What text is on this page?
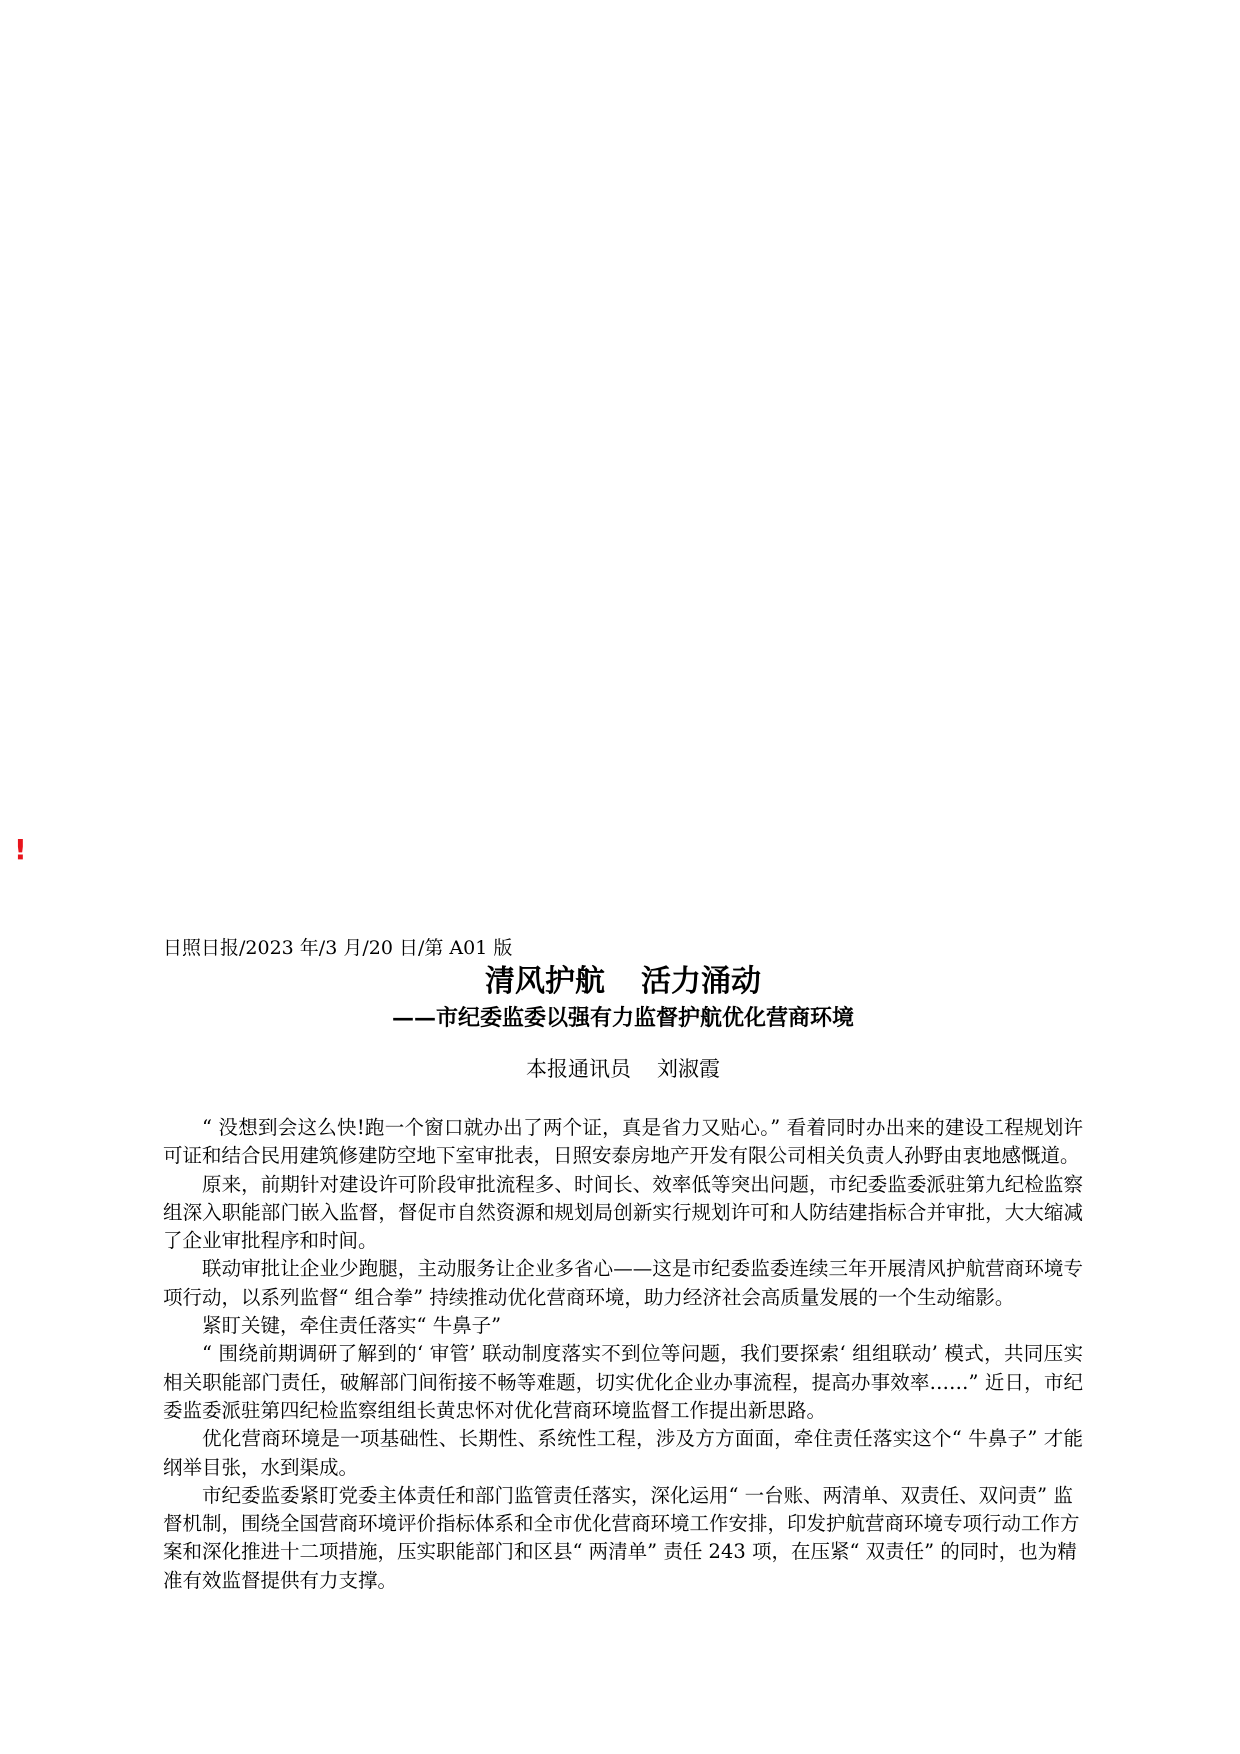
!

日照日报/2023 年/3 月/20 日/第 A01 版

清风护航 活力涌动
——市纪委监委以强有力监督护航优化营商环境
本报通讯员 刘淑霞

“ 没想到会这么快!跑一个窗口就办出了两个证，真是省力又贴心。” 看着同时办出来的建设工程规划许可证和结合民用建筑修建防空地下室审批表，日照安泰房地产开发有限公司相关负责人孙野由衷地感慨道。

原来，前期针对建设许可阶段审批流程多、时间长、效率低等突出问题，市纪委监委派驻第九纪检监察组深入职能部门嵌入监督，督促市自然资源和规划局创新实行规划许可和人防结建指标合并审批，大大缩减了企业审批程序和时间。

联动审批让企业少跑腿，主动服务让企业多省心——这是市纪委监委连续三年开展清风护航营商环境专项行动，以系列监督“ 组合拳” 持续推动优化营商环境，助力经济社会高质量发展的一个生动缩影。

紧盯关键，牵住责任落实“ 牛鼻子”

“ 围绕前期调研了解到的‘ 审管’ 联动制度落实不到位等问题，我们要探索‘ 组组联动’ 模式，共同压实相关职能部门责任，破解部门间衔接不畅等难题，切实优化企业办事流程，提高办事效率……” 近日，市纪委监委派驻第四纪检监察组组长黄忠怀对优化营商环境监督工作提出新思路。

优化营商环境是一项基础性、长期性、系统性工程，涉及方方面面，牵住责任落实这个“ 牛鼻子” 才能纲举目张，水到渠成。

市纪委监委紧盯党委主体责任和部门监管责任落实，深化运用“ 一台账、两清单、双责任、双问责” 监督机制，围绕全国营商环境评价指标体系和全市优化营商环境工作安排，印发护航营商环境专项行动工作方案和深化推进十二项措施，压实职能部门和区县“ 两清单” 责任 243 项，在压紧“ 双责任” 的同时，也为精准有效监督提供有力支撑。
